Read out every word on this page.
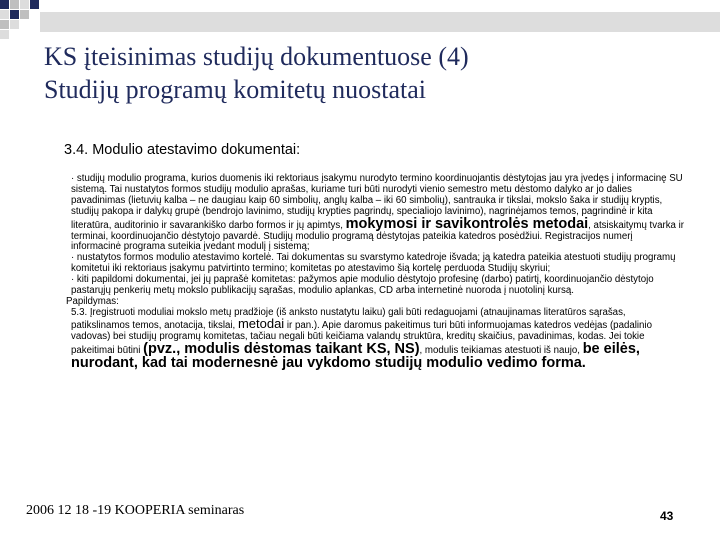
KS įteisinimas studijų dokumentuose (4)
Studijų programų komitetų nuostatai
3.4. Modulio atestavimo dokumentai:

· studijų modulio programa, kurios duomenis iki rektoriaus įsakymu nurodyto termino koordinuojantis dėstytojas jau yra įvedęs į informacinę SU sistemą. Tai nustatytos formos studijų modulio aprašas, kuriame turi būti nurodyti vienio semestro metu dėstomo dalyko ar jo dalies pavadinimas (lietuvių kalba – ne daugiau kaip 60 simbolių, anglų kalba – iki 60 simbolių), santrauka ir tikslai, mokslo šaka ir studijų kryptis, studijų pakopa ir dalykų grupė (bendrojo lavinimo, studijų krypties pagrindų, specialiojo lavinimo), nagrinėjamos temos, pagrindinė ir kita literatūra, auditorinio ir savarankiško darbo formos ir jų apimtys, mokymosi ir savikontrolės metodai, atsiskaitymų tvarka ir terminai, koordinuojančio dėstytojo pavardė. Studijų modulio programą dėstytojas pateikia katedros posėdžiui. Registracijos numerį informacinė programa suteikia įvedant modulį į sistemą;

· nustatytos formos modulio atestavimo kortelė. Tai dokumentas su svarstymo katedroje išvada; ją katedra pateikia atestuoti studijų programų komitetui iki rektoriaus įsakymu patvirtinto termino; komitetas po atestavimo šią kortelę perduoda Studijų skyriui;

· kiti papildomi dokumentai, jei jų paprašė komitetas: pažymos apie modulio dėstytojo profesinę (darbo) patirtį, koordinuojančio dėstytojo pastarųjų penkerių metų mokslo publikacijų sąrašas, modulio aplankas, CD arba internetinė nuoroda į nuotolinį kursą.

Papildymas:

5.3. Įregistruoti moduliai mokslo metų pradžioje (iš anksto nustatytu laiku) gali būti redaguojami (atnaujinamas literatūros sąrašas, patikslinamos temos, anotacija, tikslai, metodai ir pan.). Apie daromus pakeitimus turi būti informuojamas katedros vedėjas (padalinio vadovas) bei studijų programų komitetas, tačiau negali būti keičiama valandų struktūra, kreditų skaičius, pavadinimas, kodas. Jei tokie pakeitimai būtini (pvz., modulis dėstomas taikant KS, NS), modulis teikiamas atestuoti iš naujo, be eilės, nurodant, kad tai modernesnė jau vykdomo studijų modulio vedimo forma.

2006 12 18 -19 KOOPERIA seminaras	43
